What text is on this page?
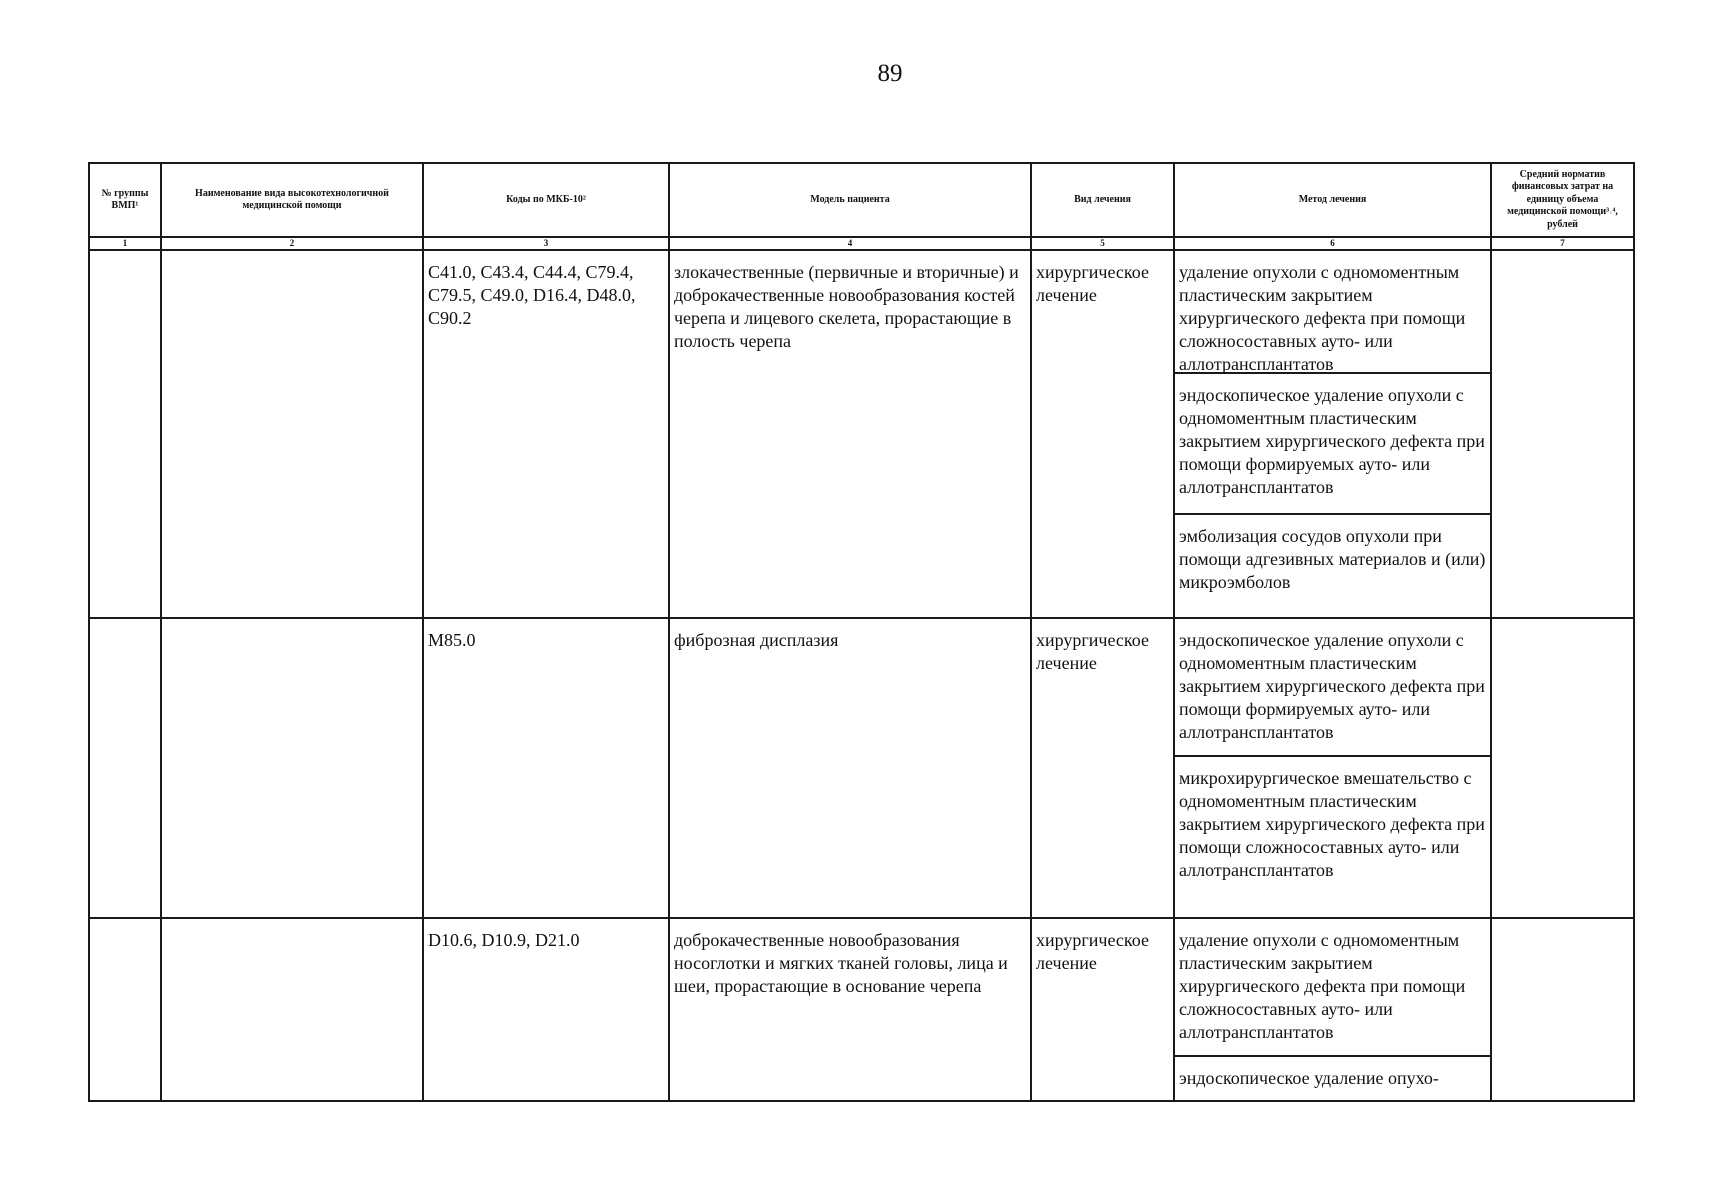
89
№ группы ВМП¹	Наименование вида высокотехнологичной медицинской помощи	Коды по МКБ-10²	Модель пациента	Вид лечения	Метод лечения	Средний норматив финансовых затрат на единицу объема медицинской помощи³˒⁴, рублей
1	2	3	4	5	6	7
		C41.0, C43.4, C44.4, C79.4, C79.5, C49.0, D16.4, D48.0, C90.2	злокачественные (первичные и вторичные) и доброкачественные новообразования костей черепа и лицевого скелета, прорастающие в полость черепа	хирургическое лечение	удаление опухоли с одномоментным пластическим закрытием хирургического дефекта при помощи сложносоставных ауто- или аллотрансплантатов
эндоскопическое удаление опухоли с одномоментным пластическим закрытием хирургического дефекта при помощи формируемых ауто- или аллотрансплантатов
эмболизация сосудов опухоли при помощи адгезивных материалов и (или) микроэмболов	

		M85.0	фиброзная дисплазия	хирургическое лечение	эндоскопическое удаление опухоли с одномоментным пластическим закрытием хирургического дефекта при помощи формируемых ауто- или аллотрансплантатов
микрохирургическое вмешательство с одномоментным пластическим закрытием хирургического дефекта при помощи сложносоставных ауто- или аллотрансплантатов	

		D10.6, D10.9, D21.0	доброкачественные новообразования носоглотки и мягких тканей головы, лица и шеи, прорастающие в основание черепа	хирургическое лечение	удаление опухоли с одномоментным пластическим закрытием хирургического дефекта при помощи сложносоставных ауто- или аллотрансплантатов
эндоскопическое удаление опухо-	
